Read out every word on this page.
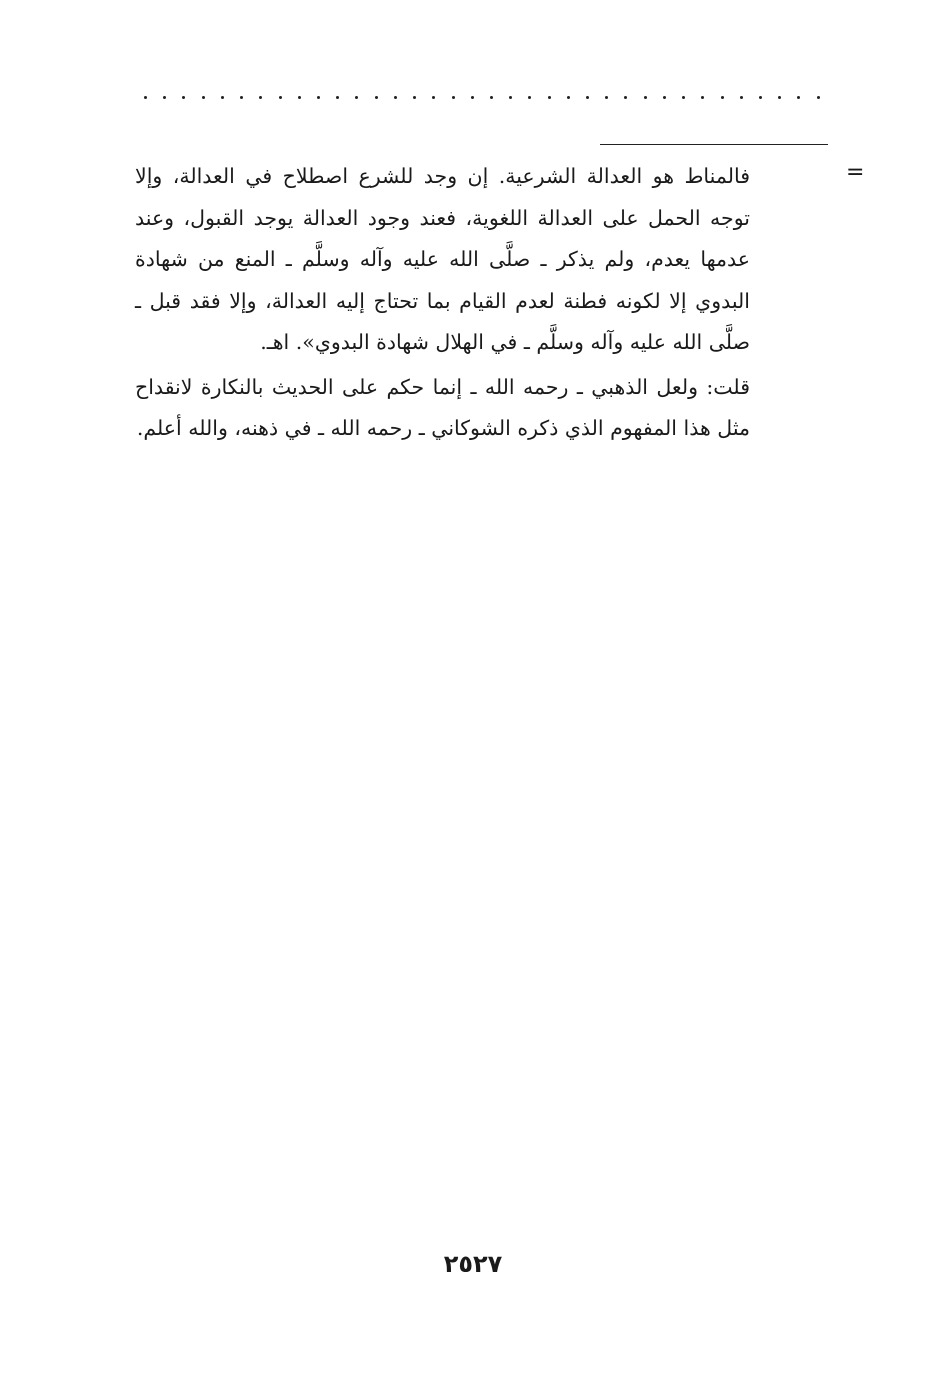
=

فالمناط هو العدالة الشرعية. إن وجد للشرع اصطلاح في العدالة، وإلا توجه الحمل على العدالة اللغوية، فعند وجود العدالة يوجد القبول، وعند عدمها يعدم، ولم يذكر ـ صلَّى الله عليه وآله وسلَّم ـ المنع من شهادة البدوي إلا لكونه فطنة لعدم القيام بما تحتاج إليه العدالة، وإلا فقد قبل ـ صلَّى الله عليه وآله وسلَّم ـ في الهلال شهادة البدوي». اهـ.

قلت: ولعل الذهبي ـ رحمه الله ـ إنما حكم على الحديث بالنكارة لانقداح مثل هذا المفهوم الذي ذكره الشوكاني ـ رحمه الله ـ في ذهنه، والله أعلم.

٢٥٢٧
